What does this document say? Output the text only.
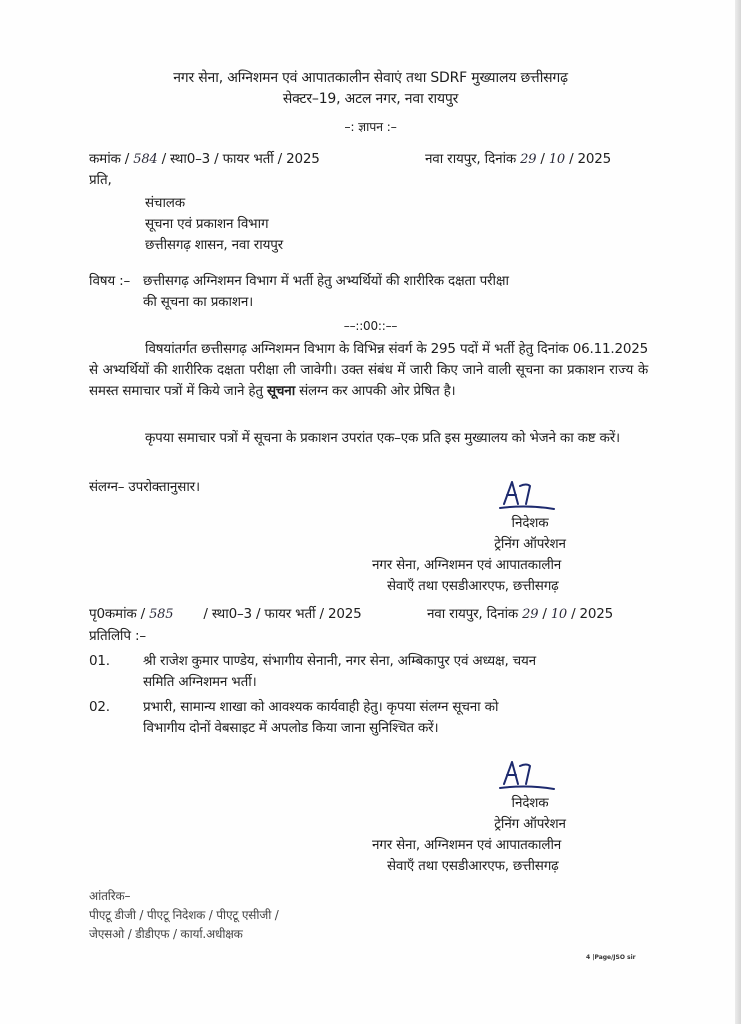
नगर सेना, अग्निशमन एवं आपातकालीन सेवाएं तथा SDRF मुख्यालय छत्तीसगढ़
सेक्टर–19, अटल नगर, नवा रायपुर
–: ज्ञापन :–
कमांक / 584 / स्था0–3 / फायर भर्ती / 2025	नवा रायपुर, दिनांक 29 / 10 / 2025
प्रति,
संचालक
सूचना एवं प्रकाशन विभाग
छत्तीसगढ़ शासन, नवा रायपुर
विषय :– छत्तीसगढ़ अग्निशमन विभाग में भर्ती हेतु अभ्यर्थियों की शारीरिक दक्षता परीक्षा
की सूचना का प्रकाशन।
––::00::––
विषयांतर्गत छत्तीसगढ़ अग्निशमन विभाग के विभिन्न संवर्ग के 295 पदों में भर्ती हेतु दिनांक 06.11.2025 से अभ्यर्थियों की शारीरिक दक्षता परीक्षा ली जावेगी। उक्त संबंध में जारी किए जाने वाली सूचना का प्रकाशन राज्य के समस्त समाचार पत्रों में किये जाने हेतु सूचना संलग्न कर आपकी ओर प्रेषित है।
कृपया समाचार पत्रों में सूचना के प्रकाशन उपरांत एक–एक प्रति इस मुख्यालय को भेजने का कष्ट करें।
संलग्न– उपरोक्तानुसार।
निदेशक
ट्रेनिंग ऑपरेशन
नगर सेना, अग्निशमन एवं आपातकालीन
सेवाएँ तथा एसडीआरएफ, छत्तीसगढ़
पृ0कमांक / 585 / स्था0–3 / फायर भर्ती / 2025	नवा रायपुर, दिनांक 29 / 10 / 2025
प्रतिलिपि :–
01. श्री राजेश कुमार पाण्डेय, संभागीय सेनानी, नगर सेना, अम्बिकापुर एवं अध्यक्ष, चयन
समिति अग्निशमन भर्ती।
02. प्रभारी, सामान्य शाखा को आवश्यक कार्यवाही हेतु। कृपया संलग्न सूचना को
विभागीय दोनों वेबसाइट में अपलोड किया जाना सुनिश्चित करें।
निदेशक
ट्रेनिंग ऑपरेशन
नगर सेना, अग्निशमन एवं आपातकालीन
सेवाएँ तथा एसडीआरएफ, छत्तीसगढ़
आंतरिक–
पीएटू डीजी / पीएटू निदेशक / पीएटू एसीजी /
जेएसओ / डीडीएफ / कार्या.अधीक्षक
4 |Page/JSO sir
